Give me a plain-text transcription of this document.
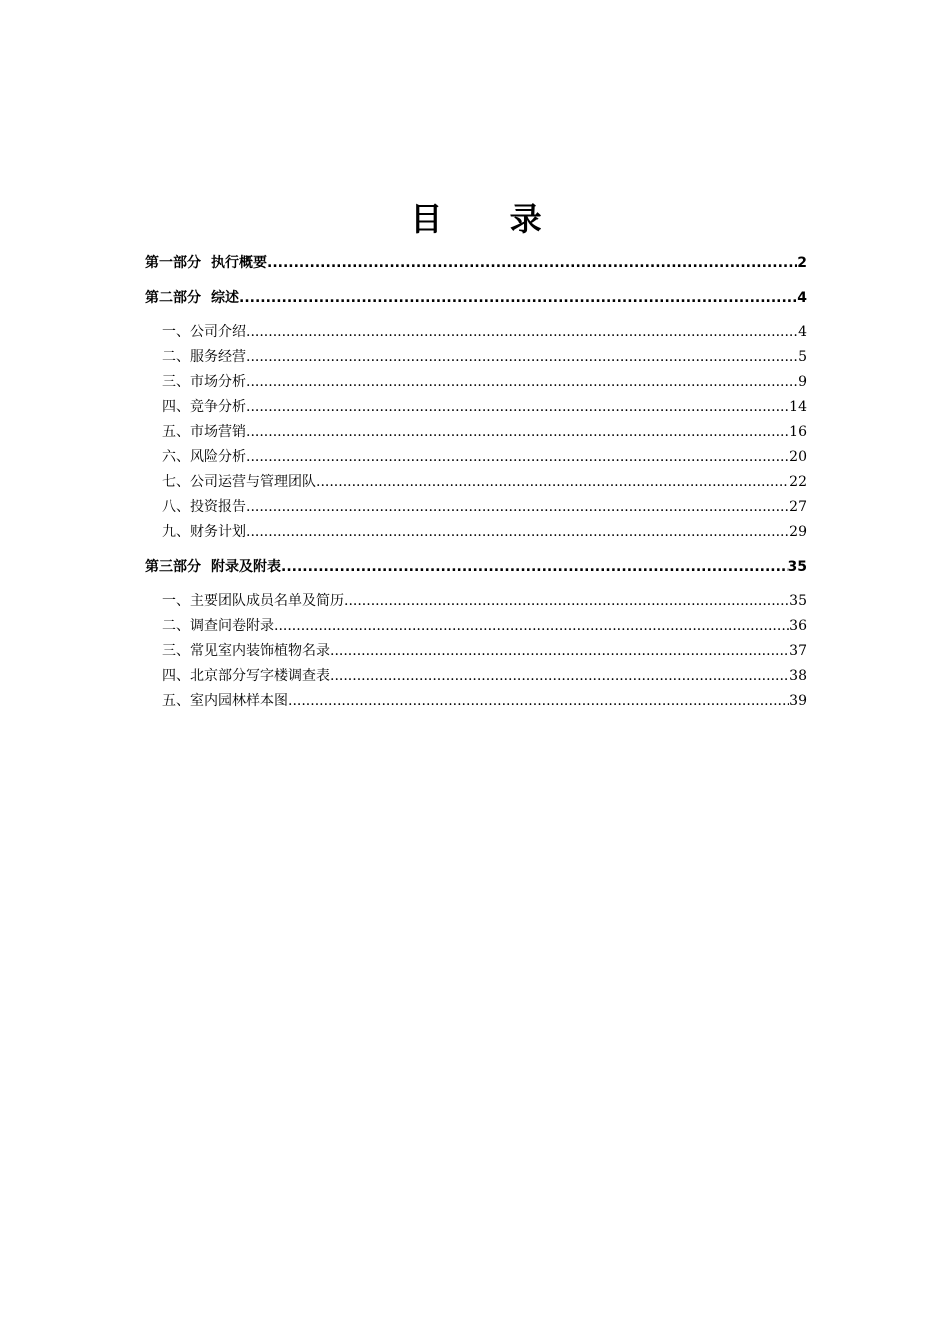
目 录
第一部分 执行概要 .....	2
第二部分 综述 .....	4
一、公司介绍 .....	4
二、服务经营 .....	5
三、市场分析 .....	9
四、竞争分析 .....	14
五、市场营销 .....	16
六、风险分析 .....	20
七、公司运营与管理团队 .....	22
八、投资报告 .....	27
九、财务计划 .....	29
第三部分 附录及附表 .....	35
一、主要团队成员名单及简历 .....	35
二、调查问卷附录 .....	36
三、常见室内装饰植物名录 .....	37
四、北京部分写字楼调查表 .....	38
五、室内园林样本图 .....	39
